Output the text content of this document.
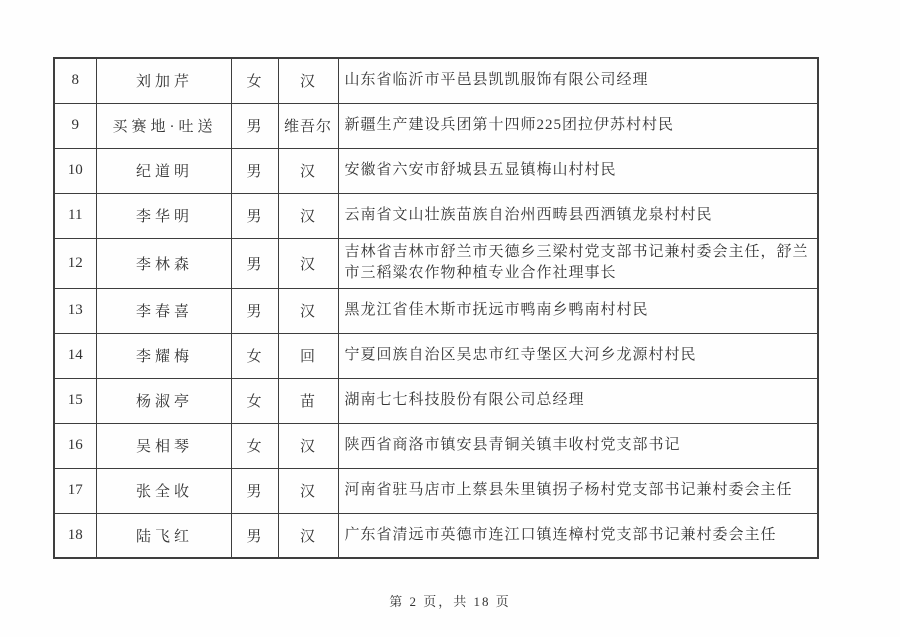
8	刘加芹	女	汉	山东省临沂市平邑县凯凯服饰有限公司经理
9	买赛地·吐送	男	维吾尔	新疆生产建设兵团第十四师225团拉伊苏村村民
10	纪道明	男	汉	安徽省六安市舒城县五显镇梅山村村民
11	李华明	男	汉	云南省文山壮族苗族自治州西畴县西洒镇龙泉村村民
12	李林森	男	汉	吉林省吉林市舒兰市天德乡三梁村党支部书记兼村委会主任，舒兰市三稻粱农作物种植专业合作社理事长
13	李春喜	男	汉	黑龙江省佳木斯市抚远市鸭南乡鸭南村村民
14	李耀梅	女	回	宁夏回族自治区吴忠市红寺堡区大河乡龙源村村民
15	杨淑亭	女	苗	湖南七七科技股份有限公司总经理
16	吴相琴	女	汉	陕西省商洛市镇安县青铜关镇丰收村党支部书记
17	张全收	男	汉	河南省驻马店市上蔡县朱里镇拐子杨村党支部书记兼村委会主任
18	陆飞红	男	汉	广东省清远市英德市连江口镇连樟村党支部书记兼村委会主任
第 2 页，共 18 页
